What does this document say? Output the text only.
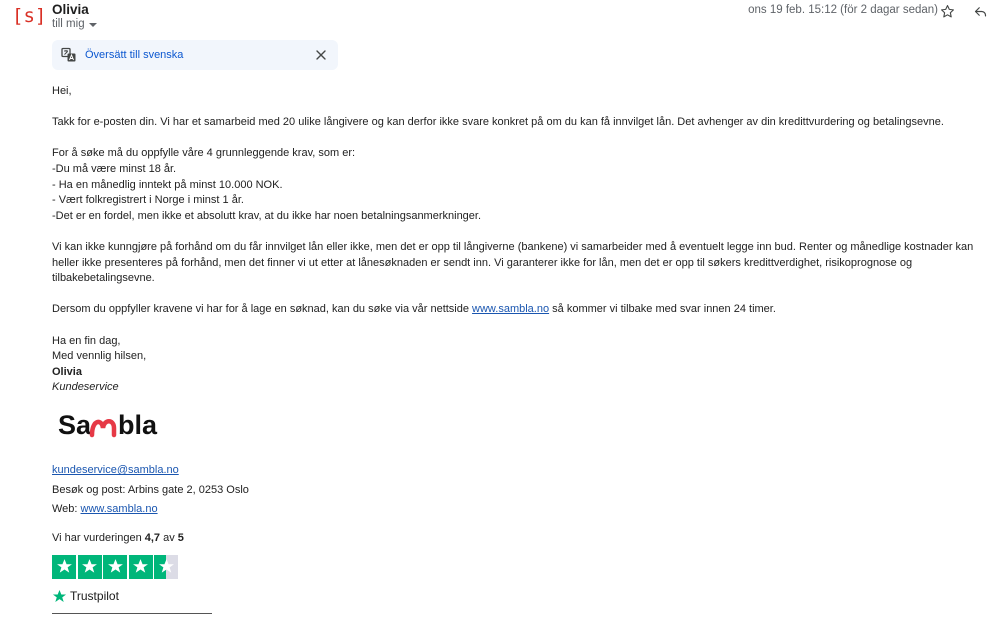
[s] Olivia
till mig
ons 19 feb. 15:12 (för 2 dagar sedan)
Översätt till svenska

Hei,

Takk for e-posten din. Vi har et samarbeid med 20 ulike långivere og kan derfor ikke svare konkret på om du kan få innvilget lån. Det avhenger av din kredittvurdering og betalingsevne.

For å søke må du oppfylle våre 4 grunnleggende krav, som er:

-Du må være minst 18 år.

- Ha en månedlig inntekt på minst 10.000 NOK.

- Vært folkregistrert i Norge i minst 1 år.

-Det er en fordel, men ikke et absolutt krav, at du ikke har noen betalningsanmerkninger.

Vi kan ikke kunngjøre på forhånd om du får innvilget lån eller ikke, men det er opp til långiverne (bankene) vi samarbeider med å eventuelt legge inn bud. Renter og månedlige kostnader kan heller ikke presenteres på forhånd, men det finner vi ut etter at lånesøknaden er sendt inn. Vi garanterer ikke for lån, men det er opp til søkers kredittverdighet, risikoprognose og tilbakebetalingsevne.

Dersom du oppfyller kravene vi har for å lage en søknad, kan du søke via vår nettside www.sambla.no så kommer vi tilbake med svar innen 24 timer.

Ha en fin dag,

Med vennlig hilsen,

Olivia

Kundeservice

Sa bla

kundeservice@sambla.no

Besøk og post: Arbins gate 2, 0253 Oslo

Web: www.sambla.no

Vi har vurderingen 4,7 av 5

Trustpilot
